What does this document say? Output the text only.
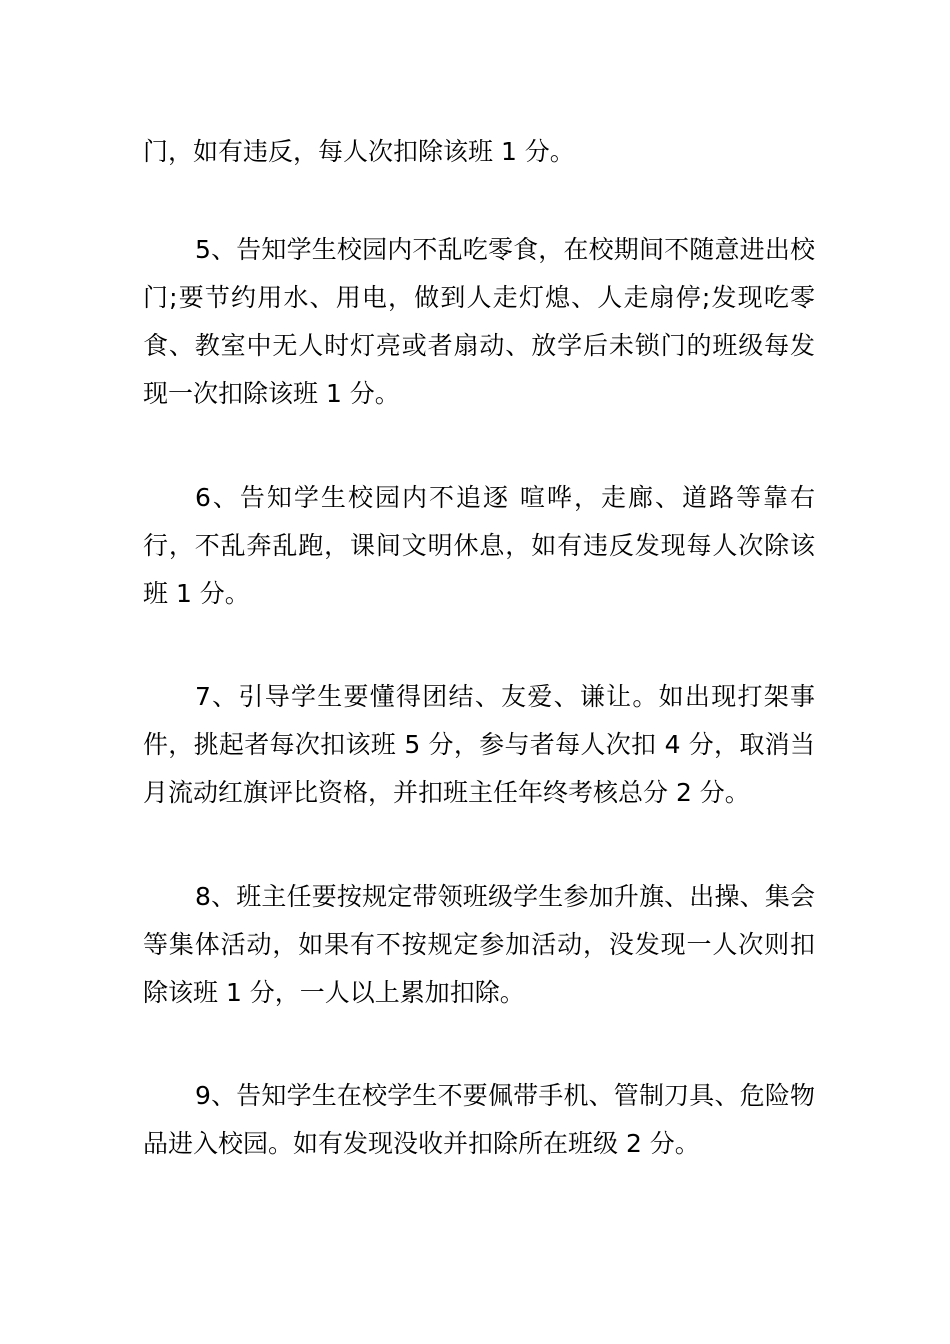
门，如有违反，每人次扣除该班 1 分。

5、告知学生校园内不乱吃零食，在校期间不随意进出校门;要节约用水、用电，做到人走灯熄、人走扇停;发现吃零食、教室中无人时灯亮或者扇动、放学后未锁门的班级每发现一次扣除该班 1 分。

6、告知学生校园内不追逐 喧哗，走廊、道路等靠右行，不乱奔乱跑，课间文明休息，如有违反发现每人次除该班 1 分。

7、引导学生要懂得团结、友爱、谦让。如出现打架事件，挑起者每次扣该班 5 分，参与者每人次扣 4 分，取消当月流动红旗评比资格，并扣班主任年终考核总分 2 分。

8、班主任要按规定带领班级学生参加升旗、出操、集会等集体活动，如果有不按规定参加活动，没发现一人次则扣除该班 1 分，一人以上累加扣除。

9、告知学生在校学生不要佩带手机、管制刀具、危险物品进入校园。如有发现没收并扣除所在班级 2 分。
